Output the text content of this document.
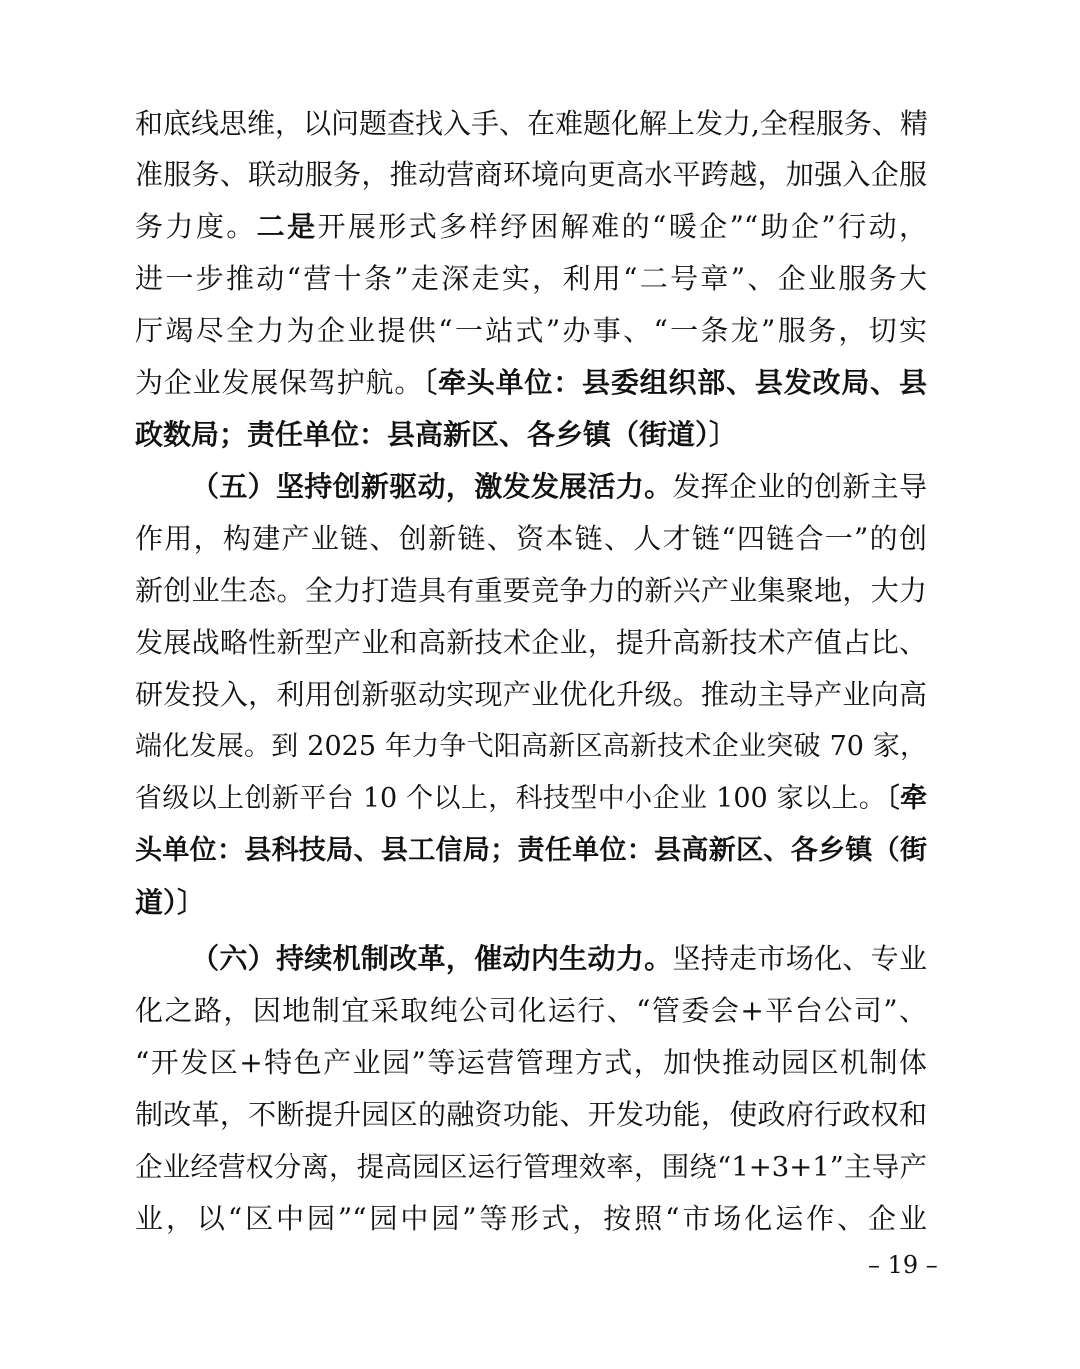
和底线思维，以问题查找入手、在难题化解上发力,全程服务、精
准服务、联动服务，推动营商环境向更高水平跨越，加强入企服
务力度。二是开展形式多样纾困解难的“暖企”“助企”行动，
进一步推动“营十条”走深走实，利用“二号章”、企业服务大
厅竭尽全力为企业提供“一站式”办事、“一条龙”服务，切实
为企业发展保驾护航。〔牵头单位：县委组织部、县发改局、县
政数局；责任单位：县高新区、各乡镇（街道）〕
（五）坚持创新驱动，激发发展活力。发挥企业的创新主导
作用，构建产业链、创新链、资本链、人才链“四链合一”的创
新创业生态。全力打造具有重要竞争力的新兴产业集聚地，大力
发展战略性新型产业和高新技术企业，提升高新技术产值占比、
研发投入，利用创新驱动实现产业优化升级。推动主导产业向高
端化发展。到 2025 年力争弋阳高新区高新技术企业突破 70 家，
省级以上创新平台 10 个以上，科技型中小企业 100 家以上。〔牵
头单位：县科技局、县工信局；责任单位：县高新区、各乡镇（街
道）〕
（六）持续机制改革，催动内生动力。坚持走市场化、专业
化之路，因地制宜采取纯公司化运行、“管委会+平台公司”、
“开发区+特色产业园”等运营管理方式，加快推动园区机制体
制改革，不断提升园区的融资功能、开发功能，使政府行政权和
企业经营权分离，提高园区运行管理效率，围绕“1+3+1”主导产
业，以“区中园”“园中园”等形式，按照“市场化运作、企业
– 19 –
